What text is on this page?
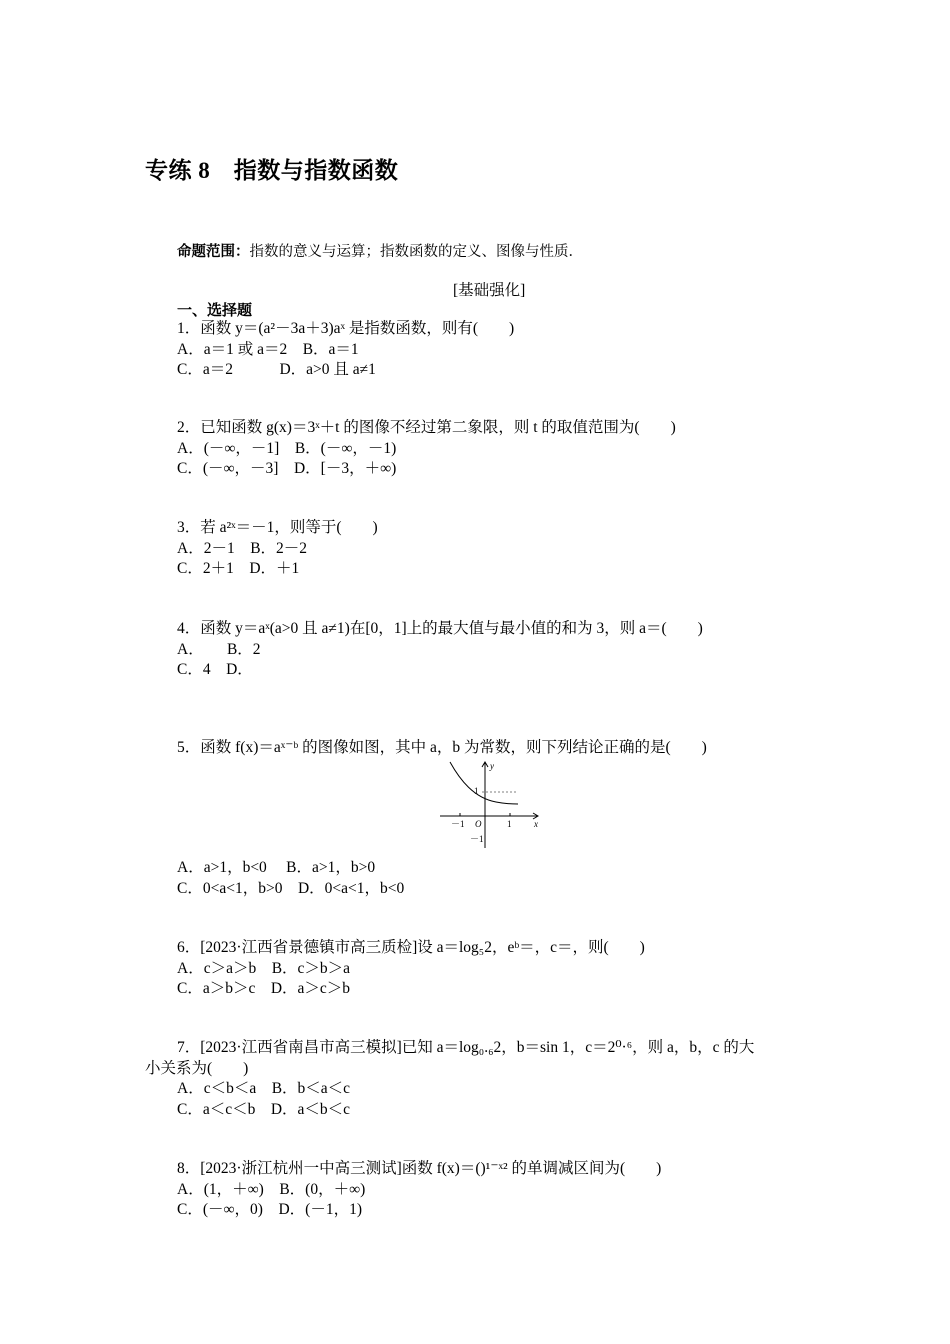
专练 8　指数与指数函数
命题范围：指数的意义与运算；指数函数的定义、图像与性质．
[基础强化]
一、选择题
1．函数 y＝(a²－3a＋3)aˣ 是指数函数，则有(　　)
A．a＝1 或 a＝2　B．a＝1
C．a＝2　　　D．a>0 且 a≠1
2．已知函数 g(x)＝3ˣ＋t 的图像不经过第二象限，则 t 的取值范围为(　　)
A．(－∞，－1]　B．(－∞，－1)
C．(－∞，－3]　D．[－3，＋∞)
3．若 a²ˣ＝－1，则等于(　　)
A．2－1　B．2－2
C．2＋1　D．＋1
4．函数 y＝aˣ(a>0 且 a≠1)在[0，1]上的最大值与最小值的和为 3，则 a＝(　　)
A．　　B．2
C．4　D．
5．函数 f(x)＝aˣ⁻ᵇ 的图像如图，其中 a，b 为常数，则下列结论正确的是(　　)
y
x
1
－1 O	1
－1
A．a>1，b<0　 B．a>1，b>0
C．0<a<1，b>0　D．0<a<1，b<0
6．[2023·江西省景德镇市高三质检]设 a＝log₅2，eᵇ＝，c＝，则(　　)
A．c＞a＞b　B．c＞b＞a
C．a＞b＞c　D．a＞c＞b
7．[2023·江西省南昌市高三模拟]已知 a＝log₀.₆2，b＝sin 1，c＝2⁰·⁶，则 a，b，c 的大
小关系为(　　)
A．c＜b＜a　B．b＜a＜c
C．a＜c＜b　D．a＜b＜c
8．[2023·浙江杭州一中高三测试]函数 f(x)＝()¹⁻ˣ² 的单调减区间为(　　)
A．(1，＋∞)　B．(0，＋∞)
C．(－∞，0)　D．(－1，1)
